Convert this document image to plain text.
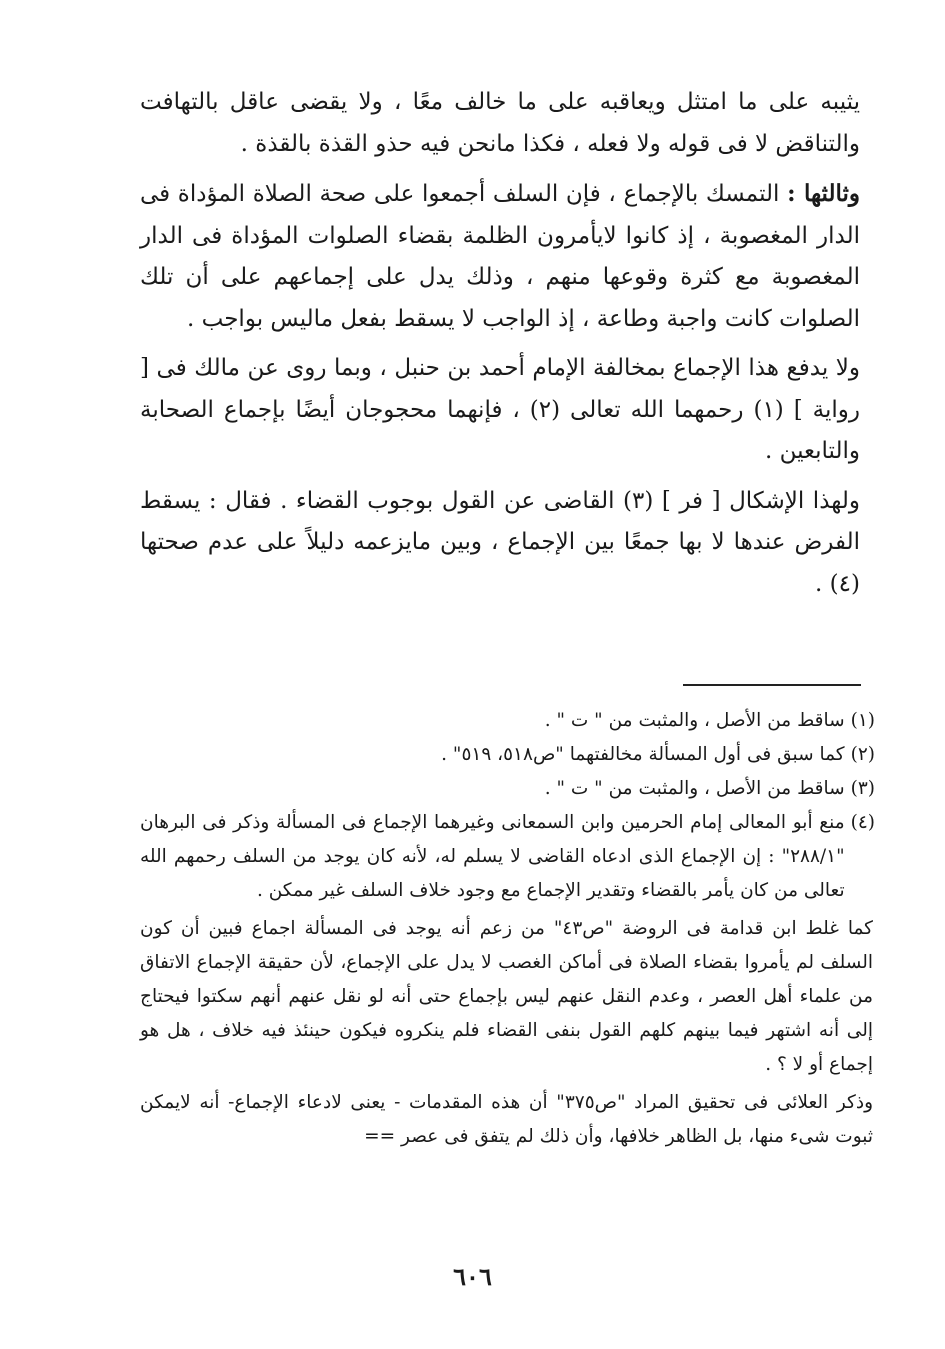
يثيبه على ما امتثل ويعاقبه على ما خالف معًا ، ولا يقضى عاقل بالتهافت والتناقض لا فى قوله ولا فعله ، فكذا مانحن فيه حذو القذة بالقذة .

وثالثها : التمسك بالإجماع ، فإن السلف أجمعوا على صحة الصلاة المؤداة فى الدار المغصوبة ، إذ كانوا لايأمرون الظلمة بقضاء الصلوات المؤداة فى الدار المغصوبة مع كثرة وقوعها منهم ، وذلك يدل على إجماعهم على أن تلك الصلوات كانت واجبة وطاعة ، إذ الواجب لا يسقط بفعل ماليس بواجب .

ولا يدفع هذا الإجماع بمخالفة الإمام أحمد بن حنبل ، وبما روى عن مالك فى [ رواية ] (١) رحمهما الله تعالى (٢) ، فإنهما محجوجان أيضًا بإجماع الصحابة والتابعين .

ولهذا الإشكال [ فر ] (٣) القاضى عن القول بوجوب القضاء . فقال : يسقط الفرض عندها لا بها جمعًا بين الإجماع ، وبين مايزعمه دليلاً على عدم صحتها (٤) .

(١)
ساقط من الأصل ، والمثبت من " ت " .
(٢)
كما سبق فى أول المسألة مخالفتهما "ص٥١٨، ٥١٩" .
(٣)
ساقط من الأصل ، والمثبت من " ت " .
(٤)
منع أبو المعالى إمام الحرمين وابن السمعانى وغيرهما الإجماع فى المسألة وذكر فى البرهان "٢٨٨/١" : إن الإجماع الذى ادعاه القاضى لا يسلم له، لأنه كان يوجد من السلف رحمهم الله تعالى من كان يأمر بالقضاء وتقدير الإجماع مع وجود خلاف السلف غير ممكن .
كما غلط ابن قدامة فى الروضة "ص٤٣" من زعم أنه يوجد فى المسألة اجماع فبين أن كون السلف لم يأمروا بقضاء الصلاة فى أماكن الغصب لا يدل على الإجماع، لأن حقيقة الإجماع الاتفاق من علماء أهل العصر ، وعدم النقل عنهم ليس بإجماع حتى أنه لو نقل عنهم أنهم سكتوا فيحتاج إلى أنه اشتهر فيما بينهم كلهم القول بنفى القضاء فلم ينكروه فيكون حينئذ فيه خلاف ، هل هو إجماع أو لا ؟ .
وذكر العلائى فى تحقيق المراد "ص٣٧٥" أن هذه المقدمات - يعنى لادعاء الإجماع- أنه لايمكن ثبوت شىء منها، بل الظاهر خلافها، وأن ذلك لم يتفق فى عصر ==
٦٠٦
